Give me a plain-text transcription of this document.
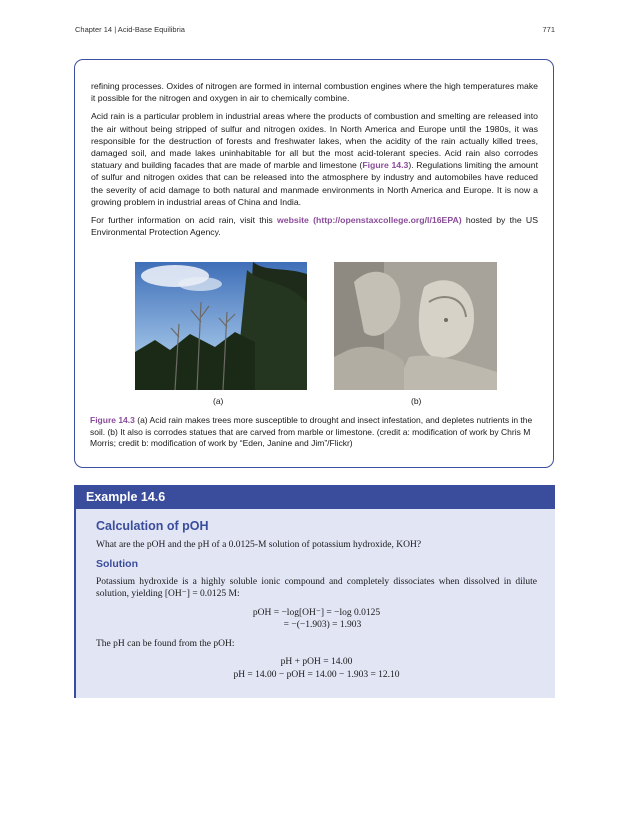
Chapter 14 | Acid-Base Equilibria	771

refining processes. Oxides of nitrogen are formed in internal combustion engines where the high temperatures make it possible for the nitrogen and oxygen in air to chemically combine.

Acid rain is a particular problem in industrial areas where the products of combustion and smelting are released into the air without being stripped of sulfur and nitrogen oxides. In North America and Europe until the 1980s, it was responsible for the destruction of forests and freshwater lakes, when the acidity of the rain actually killed trees, damaged soil, and made lakes uninhabitable for all but the most acid-tolerant species. Acid rain also corrodes statuary and building facades that are made of marble and limestone (Figure 14.3). Regulations limiting the amount of sulfur and nitrogen oxides that can be released into the atmosphere by industry and automobiles have reduced the severity of acid damage to both natural and manmade environments in North America and Europe. It is now a growing problem in industrial areas of China and India.

For further information on acid rain, visit this website (http://openstaxcollege.org/l/16EPA) hosted by the US Environmental Protection Agency.

(a)	(b)
Figure 14.3 (a) Acid rain makes trees more susceptible to drought and insect infestation, and depletes nutrients in the soil. (b) It also is corrodes statues that are carved from marble or limestone. (credit a: modification of work by Chris M Morris; credit b: modification of work by “Eden, Janine and Jim”/Flickr)
Example 14.6
Calculation of pOH

What are the pOH and the pH of a 0.0125-M solution of potassium hydroxide, KOH?

Solution

Potassium hydroxide is a highly soluble ionic compound and completely dissociates when dissolved in dilute solution, yielding [OH⁻] = 0.0125 M:

pOH = −log[OH⁻] = −log 0.0125
= −(−1.903) = 1.903

The pH can be found from the pOH:

pH + pOH = 14.00
pH = 14.00 − pOH = 14.00 − 1.903 = 12.10
